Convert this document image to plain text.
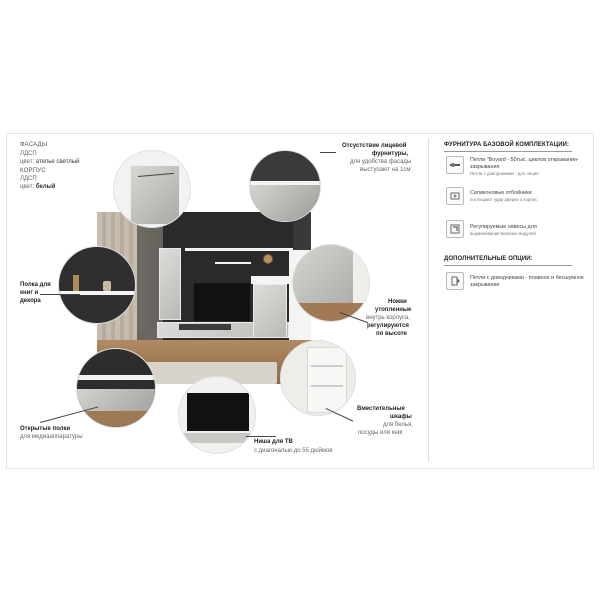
ФАСАДЫ
ЛДСП
цвет: ателье светлый
КОРПУС
ЛДСП
цвет: белый
Отсустствие лицевой
фурнитуры,
для удобства фасады
выступают на 1см
Полка для
книг и
декора	Ножки
утопленные
внутрь корпуса,
регулируются
по высоте
Открытые полки
для медиааппаратуры
Ниша для ТВ
с диагональю до 55 дюймов
Вместительные
шкафы
для белья,
посуды или книг
ФУРНИТУРА БАЗОВОЙ КОМПЛЕКТАЦИИ:
Петли "Boyard - 50тыс. циклов открывания-закрывания
Петли с доводчиками - доп опция
Силиконовые отбойники
поглощают удар дверки о корпус
Регулируемые навесы для
выравнивания верхних модулей
ДОПОЛНИТЕЛЬНЫЕ ОПЦИИ:
Петли с доводчиками - плавное и бесшумное закрывание
